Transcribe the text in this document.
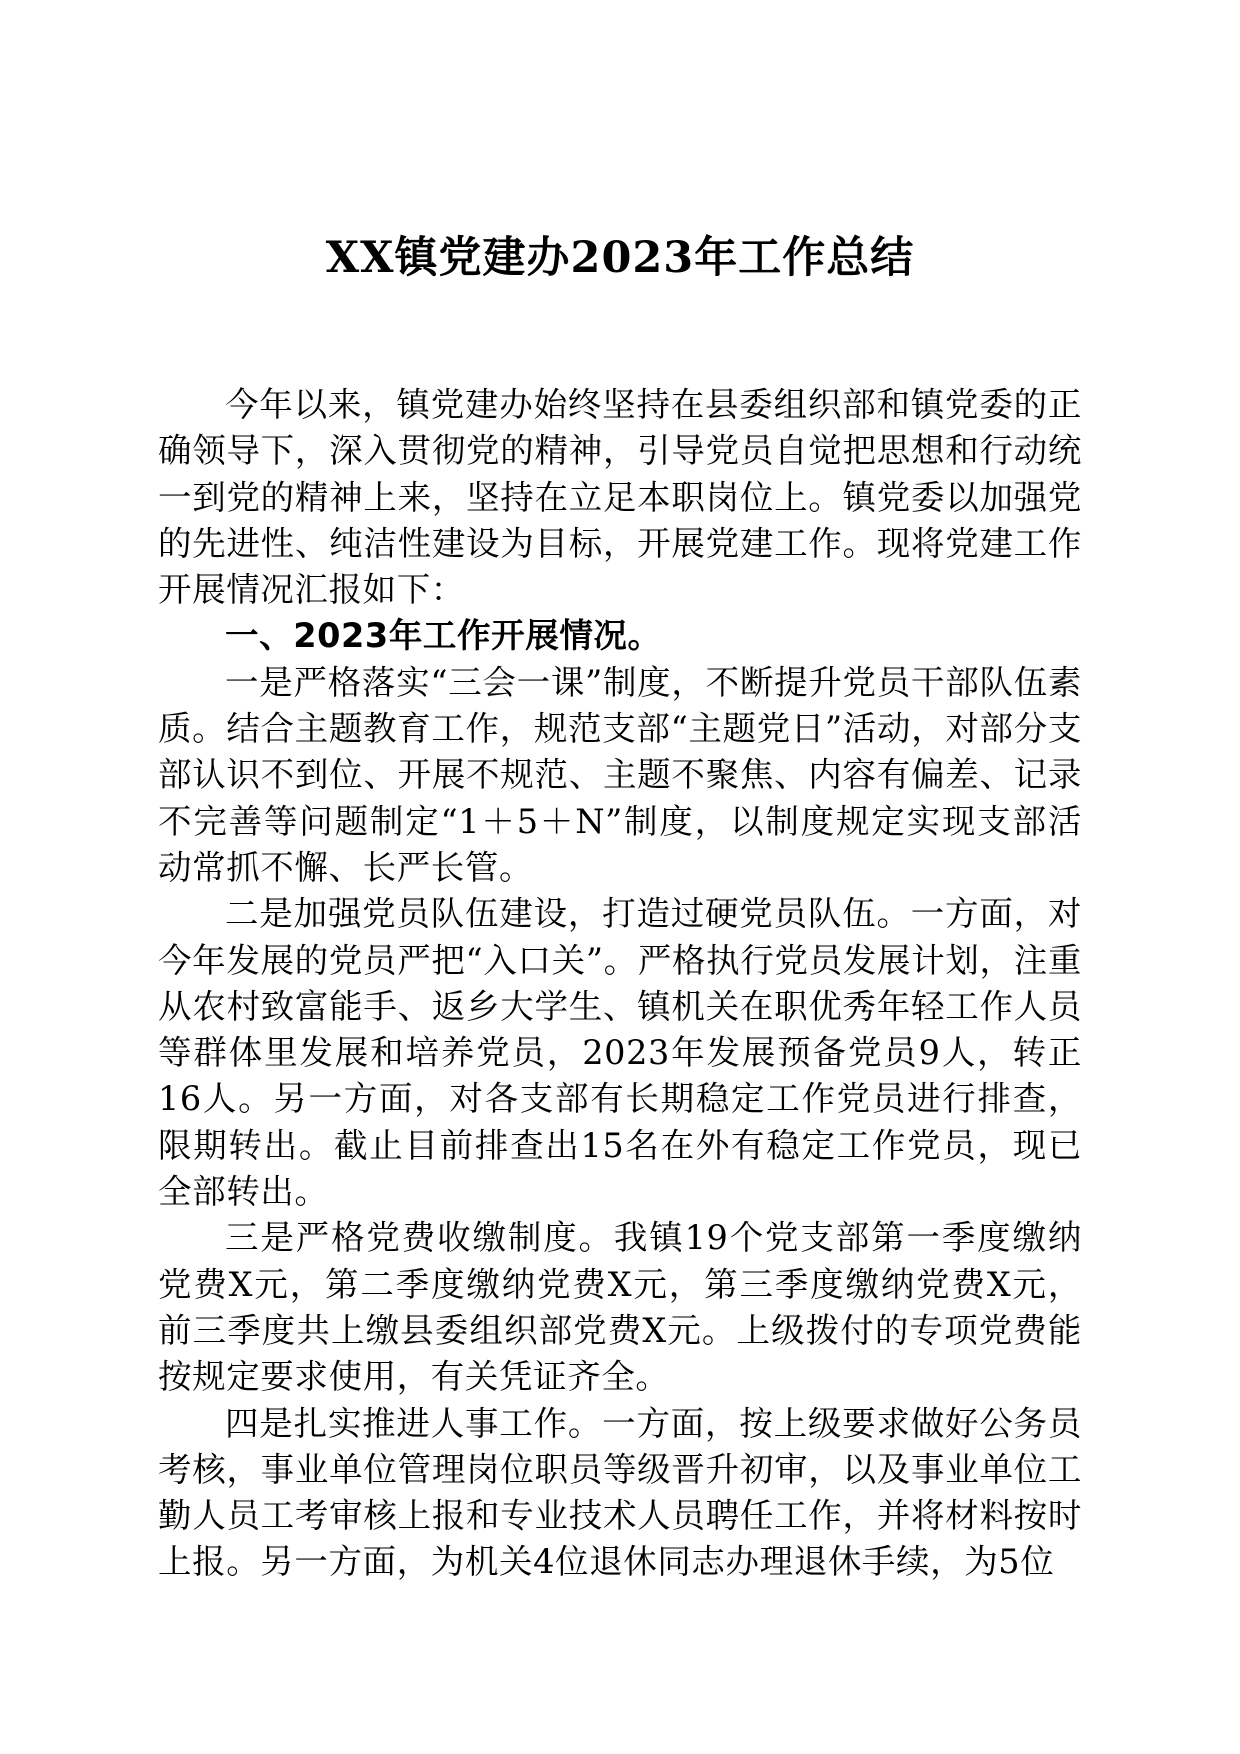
XX镇党建办2023年工作总结

今年以来，镇党建办始终坚持在县委组织部和镇党委的正确领导下，深入贯彻党的精神，引导党员自觉把思想和行动统一到党的精神上来，坚持在立足本职岗位上。镇党委以加强党的先进性、纯洁性建设为目标，开展党建工作。现将党建工作开展情况汇报如下：

一、2023年工作开展情况。

一是严格落实“三会一课”制度，不断提升党员干部队伍素质。结合主题教育工作，规范支部“主题党日”活动，对部分支部认识不到位、开展不规范、主题不聚焦、内容有偏差、记录不完善等问题制定“1＋5＋N”制度，以制度规定实现支部活动常抓不懈、长严长管。

二是加强党员队伍建设，打造过硬党员队伍。一方面，对今年发展的党员严把“入口关”。严格执行党员发展计划，注重从农村致富能手、返乡大学生、镇机关在职优秀年轻工作人员等群体里发展和培养党员，2023年发展预备党员9人，转正16人。另一方面，对各支部有长期稳定工作党员进行排查，限期转出。截止目前排查出15名在外有稳定工作党员，现已全部转出。

三是严格党费收缴制度。我镇19个党支部第一季度缴纳党费X元，第二季度缴纳党费X元，第三季度缴纳党费X元，前三季度共上缴县委组织部党费X元。上级拨付的专项党费能按规定要求使用，有关凭证齐全。

四是扎实推进人事工作。一方面，按上级要求做好公务员考核，事业单位管理岗位职员等级晋升初审，以及事业单位工勤人员工考审核上报和专业技术人员聘任工作，并将材料按时上报。另一方面，为机关4位退休同志办理退休手续，为5位
